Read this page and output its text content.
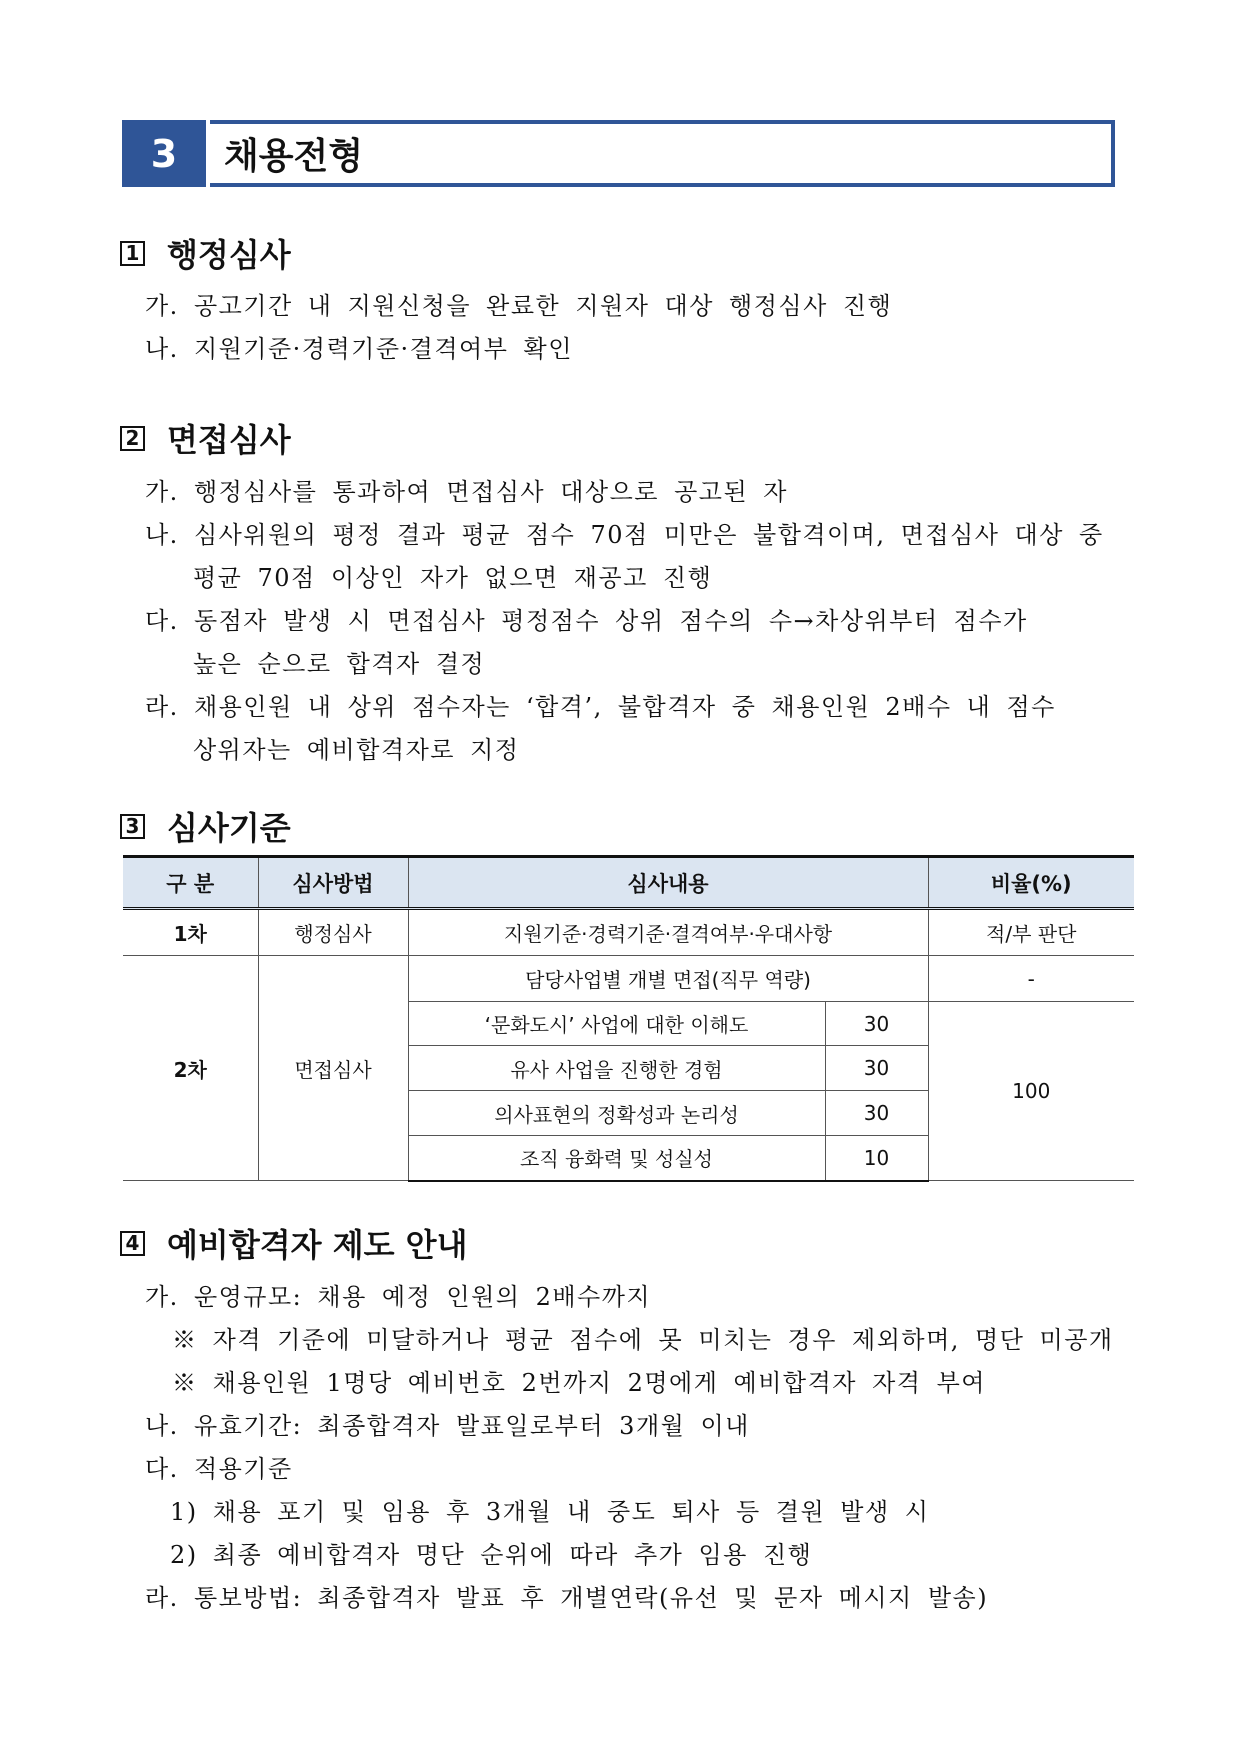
3	채용전형
1 행정심사
가. 공고기간 내 지원신청을 완료한 지원자 대상 행정심사 진행
나. 지원기준·경력기준·결격여부 확인
2 면접심사
가. 행정심사를 통과하여 면접심사 대상으로 공고된 자
나. 심사위원의 평정 결과 평균 점수 70점 미만은 불합격이며, 면접심사 대상 중
평균 70점 이상인 자가 없으면 재공고 진행
다. 동점자 발생 시 면접심사 평정점수 상위 점수의 수→차상위부터 점수가
높은 순으로 합격자 결정
라. 채용인원 내 상위 점수자는 ‘합격’, 불합격자 중 채용인원 2배수 내 점수
상위자는 예비합격자로 지정
3 심사기준
구 분	심사방법	심사내용		비율(%)
1차	행정심사	지원기준·경력기준·결격여부·우대사항		적/부 판단
2차	면접심사	담당사업별 개별 면접(직무 역량)		-
		‘문화도시’ 사업에 대한 이해도	30	100
		유사 사업을 진행한 경험	30	
		의사표현의 정확성과 논리성	30	
		조직 융화력 및 성실성	10	
4 예비합격자 제도 안내
가. 운영규모: 채용 예정 인원의 2배수까지
※ 자격 기준에 미달하거나 평균 점수에 못 미치는 경우 제외하며, 명단 미공개
※ 채용인원 1명당 예비번호 2번까지 2명에게 예비합격자 자격 부여
나. 유효기간: 최종합격자 발표일로부터 3개월 이내
다. 적용기준
1) 채용 포기 및 임용 후 3개월 내 중도 퇴사 등 결원 발생 시
2) 최종 예비합격자 명단 순위에 따라 추가 임용 진행
라. 통보방법: 최종합격자 발표 후 개별연락(유선 및 문자 메시지 발송)
